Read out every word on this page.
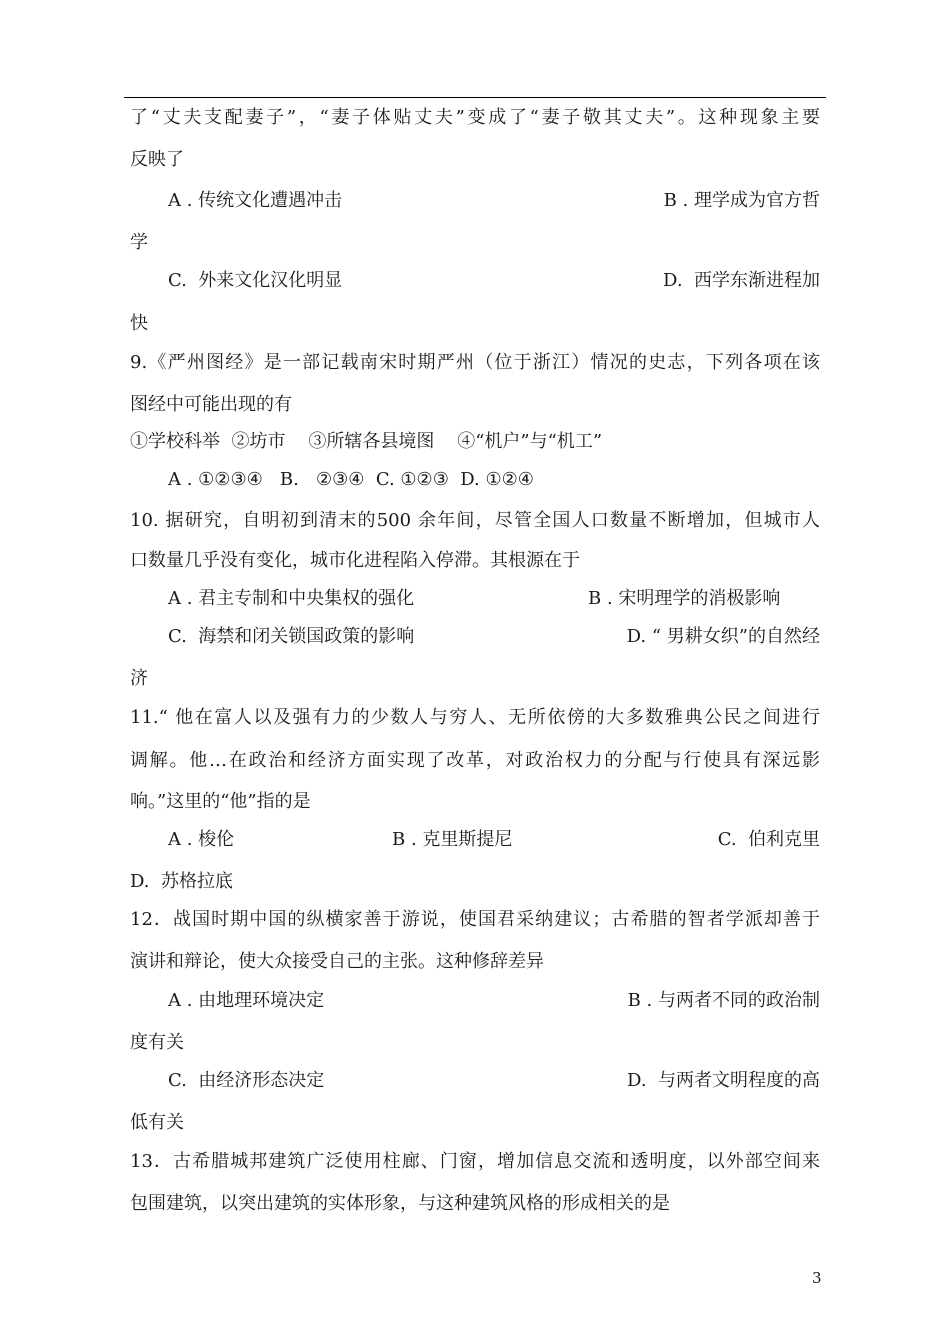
了“丈夫支配妻子”，“妻子体贴丈夫”变成了“妻子敬其丈夫”。这种现象主要
反映了

A . 传统文化遭遇冲击

	B . 理学成为官方哲

学

C.  外来文化汉化明显

	D.  西学东渐进程加

快
9.《严州图经》是一部记载南宋时期严州（位于浙江）情况的史志，下列各项在该
图经中可能出现的有
①学校科举  ②坊市    ③所辖各县境图    ④“机户”与“机工”
A . ①②③④   B.   ②③④  C. ①②③  D. ①②④
10. 据研究，自明初到清末的500 余年间，尽管全国人口数量不断增加，但城市人
口数量几乎没有变化，城市化进程陷入停滞。其根源在于

A . 君主专制和中央集权的强化

	B . 宋明理学的消极影响

C.  海禁和闭关锁国政策的影响

	D. “ 男耕女织”的自然经

济
11.“ 他在富人以及强有力的少数人与穷人、无所依傍的大多数雅典公民之间进行
调解。他…在政治和经济方面实现了改革，对政治权力的分配与行使具有深远影
响。”这里的“他”指的是

A . 梭伦

	B . 克里斯提尼

	C.  伯利克里

D.  苏格拉底
12．战国时期中国的纵横家善于游说，使国君采纳建议；古希腊的智者学派却善于
演讲和辩论，使大众接受自己的主张。这种修辞差异

A . 由地理环境决定

	B . 与两者不同的政治制

度有关

C.  由经济形态决定

	D.  与两者文明程度的高

低有关
13．古希腊城邦建筑广泛使用柱廊、门窗，增加信息交流和透明度，以外部空间来
包围建筑，以突出建筑的实体形象，与这种建筑风格的形成相关的是
3
